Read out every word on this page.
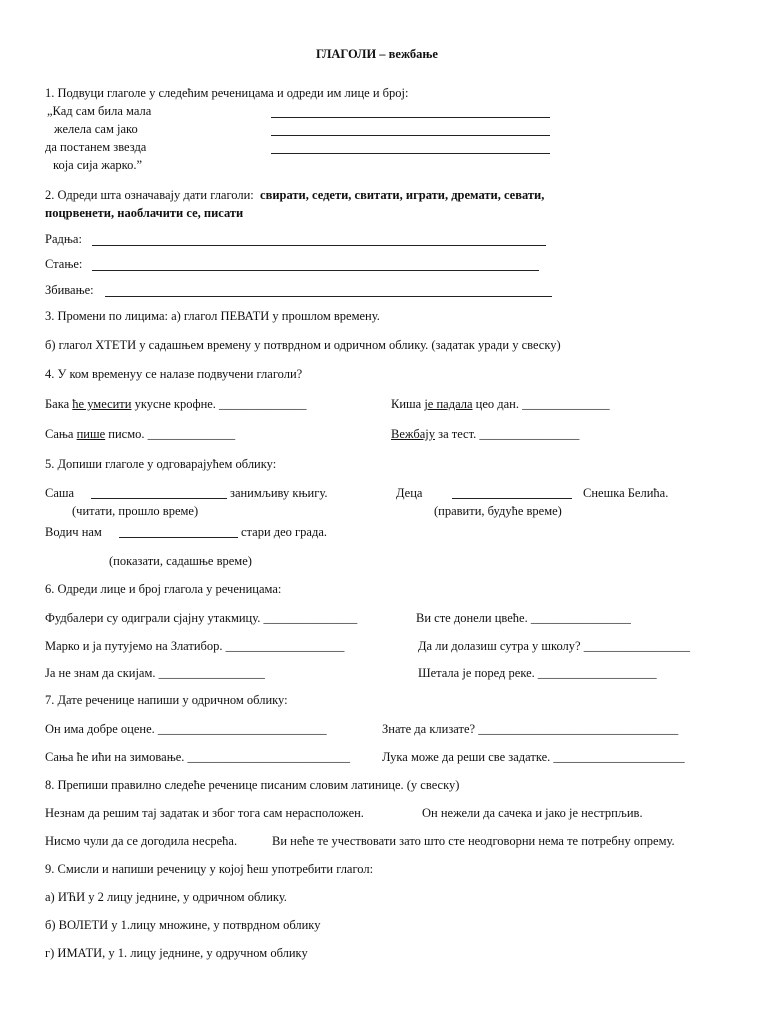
ГЛАГОЛИ – вежбање
1. Подвуци глаголе у следећим реченицама и одреди им лице и број:
„Кад сам била мала
желела сам јако
да постанем звезда
која сија жарко.”
2. Одреди шта означавају дати глаголи: свирати, седети, свитати, играти, дремати, севати,
поцрвенети, наоблачити се, писати
Радња:
Стање:
Збивање:
3. Промени по лицима: а) глагол ПЕВАТИ у прошлом времену.
б) глагол ХТЕТИ у садашњем времену у потврдном и одричном облику. (задатак уради у свеску)
4. У ком временуу се налазе подвучени глаголи?
Бака ће умесити укусне крофне. ______________	Киша је падала цео дан. ______________
Сања пише писмо. ______________	Вежбају за тест. ________________
5. Допиши глаголе у одговарајућем облику:
Саша	занимљиву књигу.	Деца	Снешка Белића.
(читати, прошло време)	(правити, будуће време)
Водич нам	стари део града.
(показати, садашње време)
6. Одреди лице и број глагола у реченицама:
Фудбалери су одиграли сјајну утакмицу. _______________	Ви сте донели цвеће. ________________
Марко и ја путујемо на Златибор. ___________________	Да ли долазиш сутра у школу? _________________
Ја не знам да скијам. _________________	Шетала је поред реке. ___________________
7. Дате реченице напиши у одричном облику:
Он има добре оцене. ___________________________	Знате да клизате? ________________________________
Сања ће ићи на зимовање. __________________________	Лука може да реши све задатке. _____________________
8. Препиши правилно следеће реченице писаним словим латинице. (у свеску)
Незнам да решим тај задатак и због тога сам нерасположен.	Он нежели да сачека и јако је нестрпљив.
Нисмо чули да се догодила несрећа.	Ви неће те учествовати зато што сте неодговорни нема те потребну опрему.
9. Смисли и напиши реченицу у којој ћеш употребити глагол:
а) ИЋИ у 2 лицу једнине, у одричном облику.
б) ВОЛЕТИ у 1.лицу множине, у потврдном облику
г) ИМАТИ, у 1. лицу једнине, у одручном облику
